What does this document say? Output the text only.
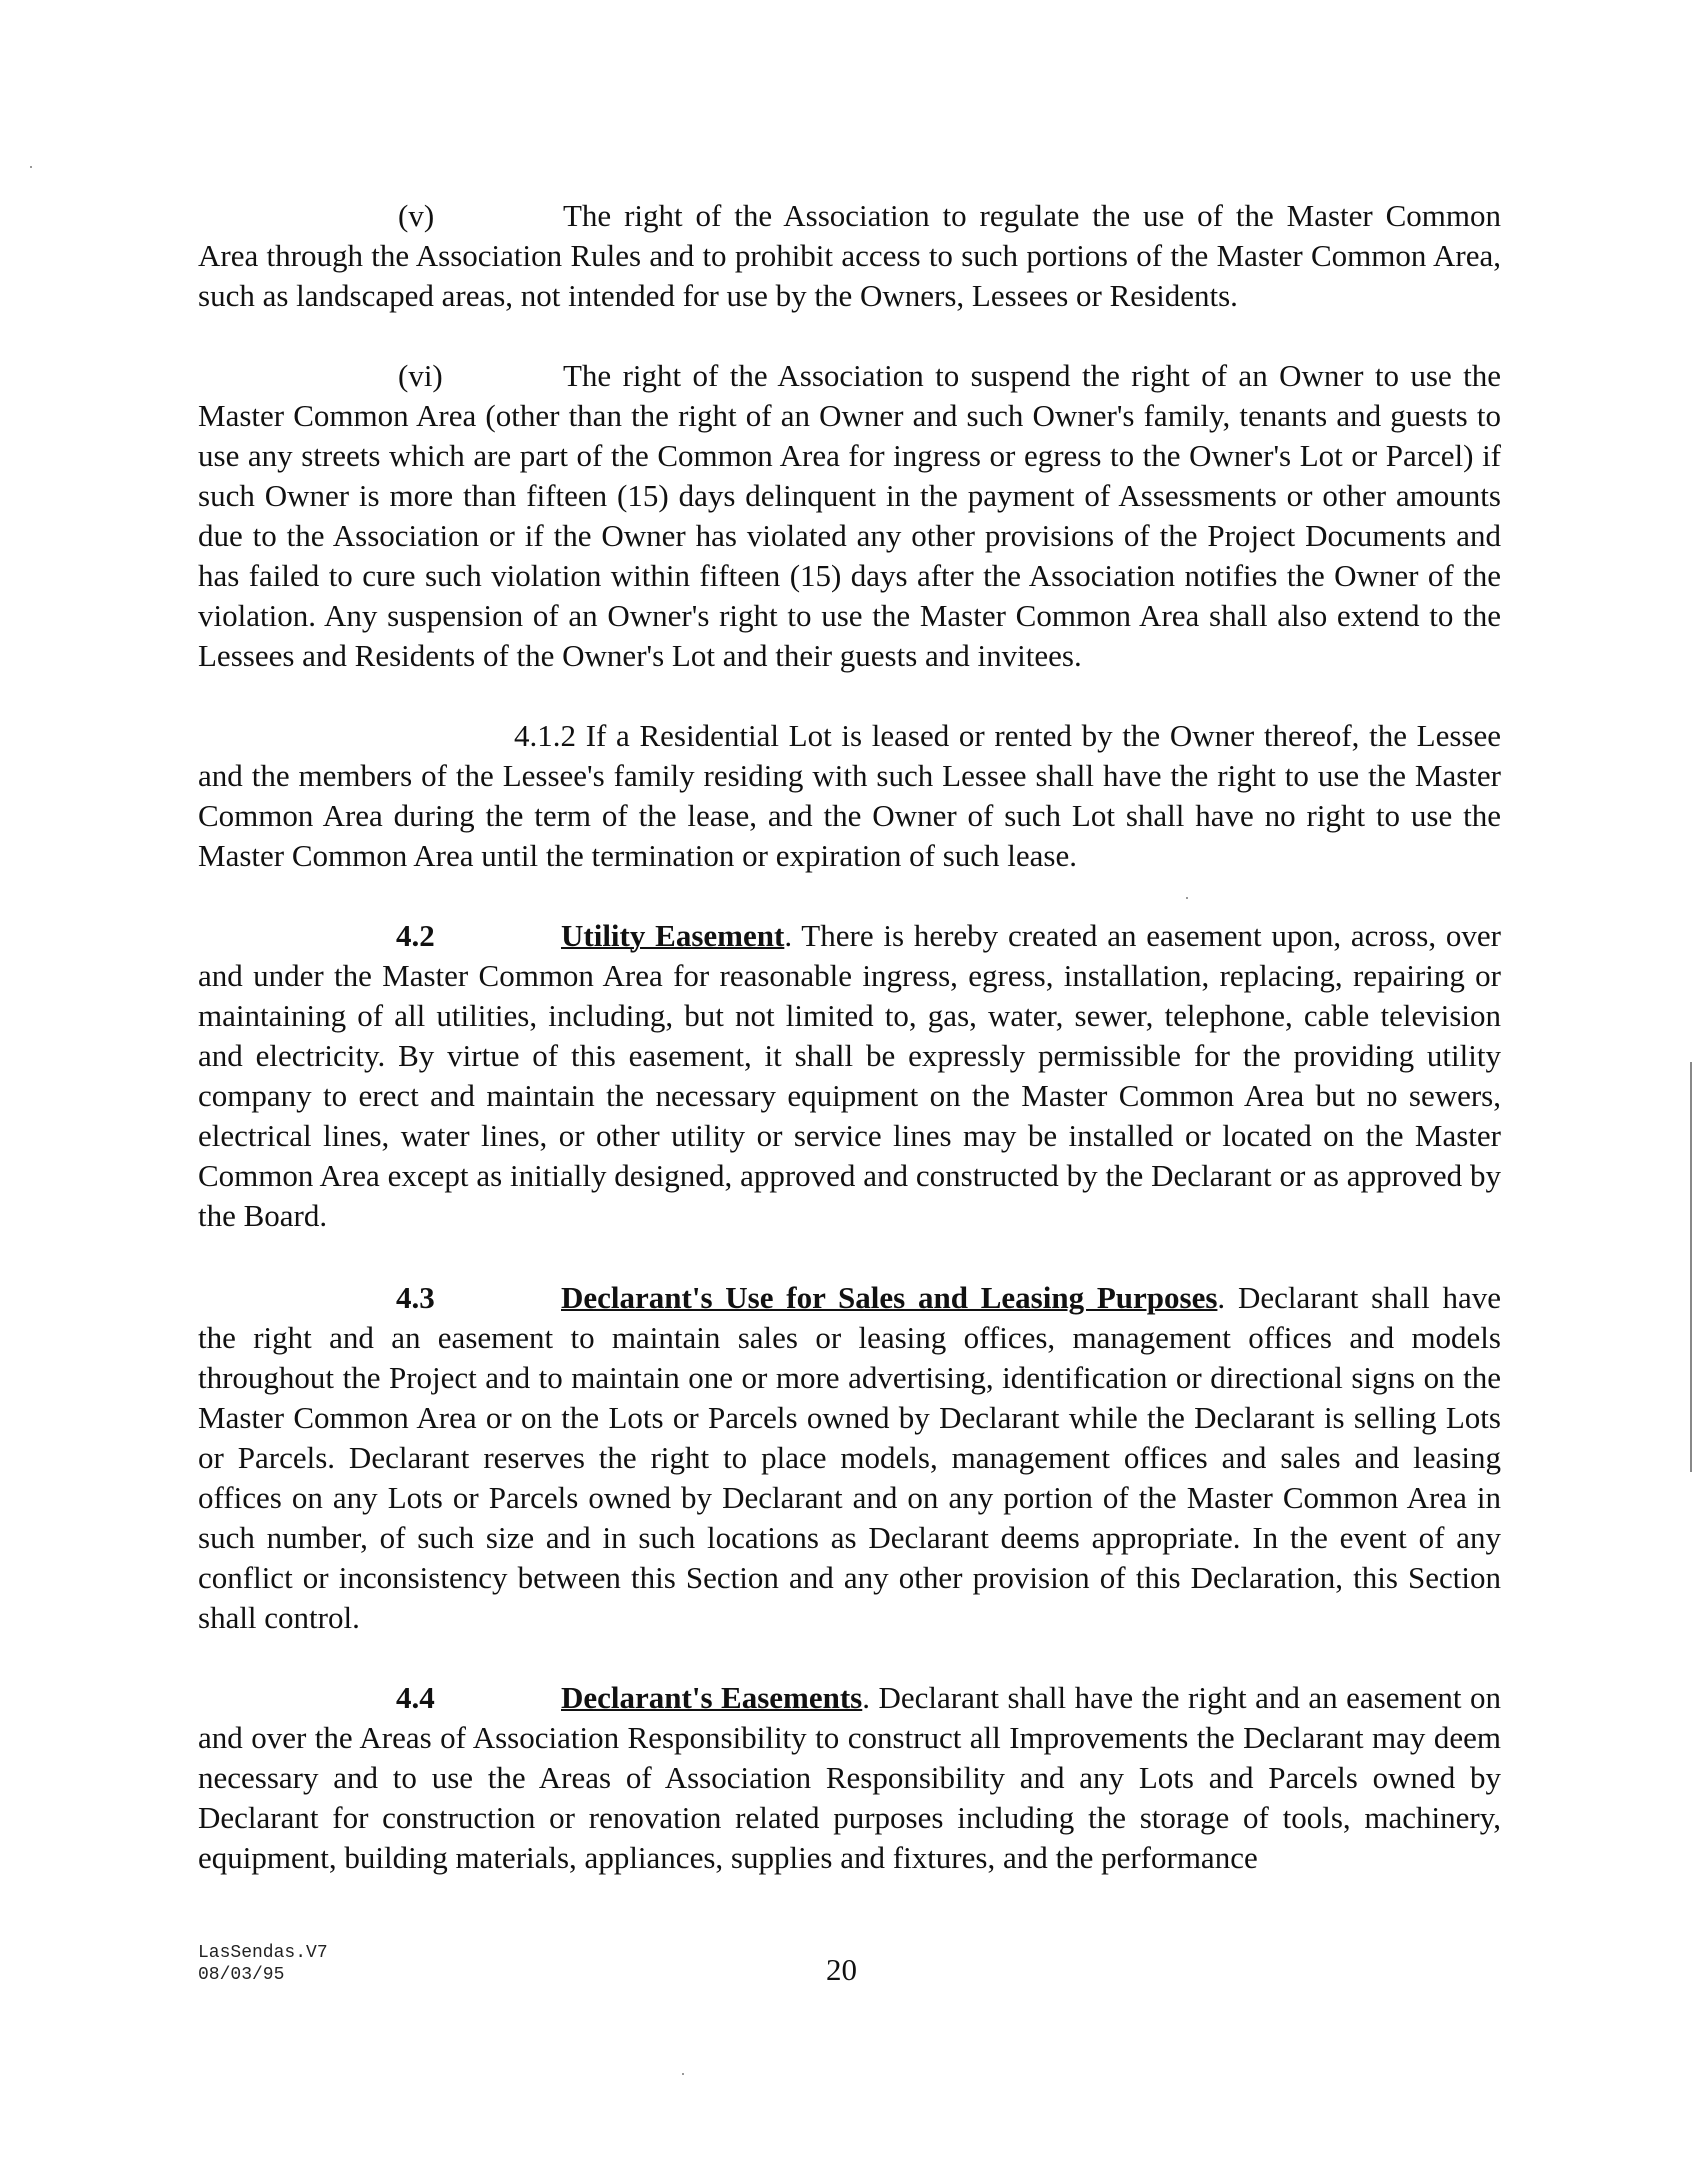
(v)	The right of the Association to regulate the use of the Master Common Area through the Association Rules and to prohibit access to such portions of the Master Common Area, such as landscaped areas, not intended for use by the Owners, Lessees or Residents.

(vi)	The right of the Association to suspend the right of an Owner to use the Master Common Area (other than the right of an Owner and such Owner's family, tenants and guests to use any streets which are part of the Common Area for ingress or egress to the Owner's Lot or Parcel) if such Owner is more than fifteen (15) days delinquent in the payment of Assessments or other amounts due to the Association or if the Owner has violated any other provisions of the Project Documents and has failed to cure such violation within fifteen (15) days after the Association notifies the Owner of the violation. Any suspension of an Owner's right to use the Master Common Area shall also extend to the Lessees and Residents of the Owner's Lot and their guests and invitees.

4.1.2 If a Residential Lot is leased or rented by the Owner thereof, the Lessee and the members of the Lessee's family residing with such Lessee shall have the right to use the Master Common Area during the term of the lease, and the Owner of such Lot shall have no right to use the Master Common Area until the termination or expiration of such lease.

4.2	Utility Easement. There is hereby created an easement upon, across, over and under the Master Common Area for reasonable ingress, egress, installation, replacing, repairing or maintaining of all utilities, including, but not limited to, gas, water, sewer, telephone, cable television and electricity. By virtue of this easement, it shall be expressly permissible for the providing utility company to erect and maintain the necessary equipment on the Master Common Area but no sewers, electrical lines, water lines, or other utility or service lines may be installed or located on the Master Common Area except as initially designed, approved and constructed by the Declarant or as approved by the Board.

4.3	Declarant's Use for Sales and Leasing Purposes. Declarant shall have the right and an easement to maintain sales or leasing offices, management offices and models throughout the Project and to maintain one or more advertising, identification or directional signs on the Master Common Area or on the Lots or Parcels owned by Declarant while the Declarant is selling Lots or Parcels. Declarant reserves the right to place models, management offices and sales and leasing offices on any Lots or Parcels owned by Declarant and on any portion of the Master Common Area in such number, of such size and in such locations as Declarant deems appropriate. In the event of any conflict or inconsistency between this Section and any other provision of this Declaration, this Section shall control.

4.4	Declarant's Easements. Declarant shall have the right and an easement on and over the Areas of Association Responsibility to construct all Improvements the Declarant may deem necessary and to use the Areas of Association Responsibility and any Lots and Parcels owned by Declarant for construction or renovation related purposes including the storage of tools, machinery, equipment, building materials, appliances, supplies and fixtures, and the performance

LasSendas.V7
08/03/95	20
